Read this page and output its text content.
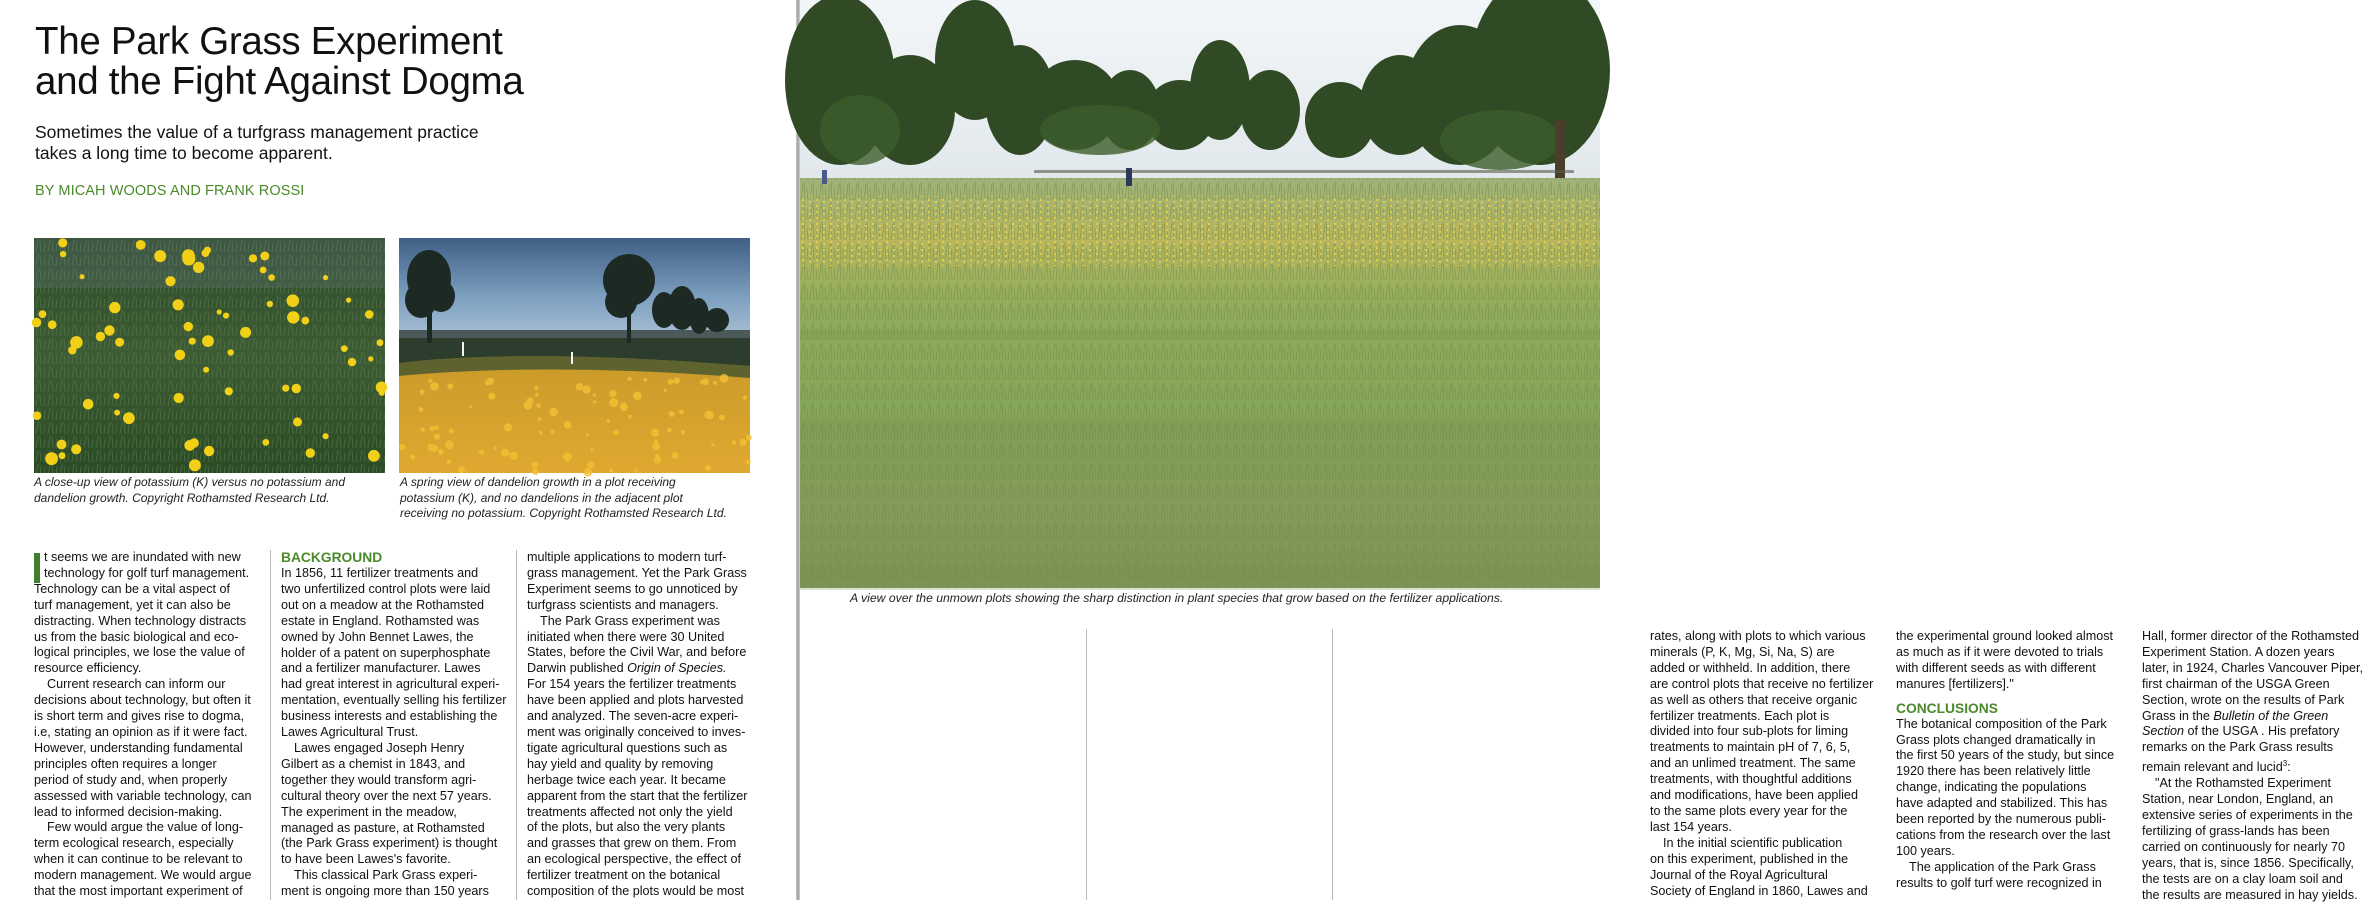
The Park Grass Experiment
and the Fight Against Dogma

Sometimes the value of a turfgrass management practice
takes a long time to become apparent.

BY MICAH WOODS AND FRANK ROSSI
A close-up view of potassium (K) versus no potassium and
dandelion growth. Copyright Rothamsted Research Ltd.
A spring view of dandelion growth in a plot receiving
potassium (K), and no dandelions in the adjacent plot
receiving no potassium. Copyright Rothamsted Research Ltd.
t seems we are inundated with new
technology for golf turf management.
Technology can be a vital aspect of
turf management, yet it can also be
distracting. When technology distracts
us from the basic biological and eco-
logical principles, we lose the value of
resource efficiency.
Current research can inform our
decisions about technology, but often it
is short term and gives rise to dogma,
i.e, stating an opinion as if it were fact.
However, understanding fundamental
principles often requires a longer
period of study and, when properly
assessed with variable technology, can
lead to informed decision-making.
Few would argue the value of long-
term ecological research, especially
when it can continue to be relevant to
modern management. We would argue
that the most important experiment of
BACKGROUND
In 1856, 11 fertilizer treatments and
two unfertilized control plots were laid
out on a meadow at the Rothamsted
estate in England. Rothamsted was
owned by John Bennet Lawes, the
holder of a patent on superphosphate
and a fertilizer manufacturer. Lawes
had great interest in agricultural experi-
mentation, eventually selling his fertilizer
business interests and establishing the
Lawes Agricultural Trust.
Lawes engaged Joseph Henry
Gilbert as a chemist in 1843, and
together they would transform agri-
cultural theory over the next 57 years.
The experiment in the meadow,
managed as pasture, at Rothamsted
(the Park Grass experiment) is thought
to have been Lawes's favorite.
This classical Park Grass experi-
ment is ongoing more than 150 years
multiple applications to modern turf-
grass management. Yet the Park Grass
Experiment seems to go unnoticed by
turfgrass scientists and managers.
The Park Grass experiment was
initiated when there were 30 United
States, before the Civil War, and before
Darwin published Origin of Species.
For 154 years the fertilizer treatments
have been applied and plots harvested
and analyzed. The seven-acre experi-
ment was originally conceived to inves-
tigate agricultural questions such as
hay yield and quality by removing
herbage twice each year. It became
apparent from the start that the fertilizer
treatments affected not only the yield
of the plots, but also the very plants
and grasses that grew on them. From
an ecological perspective, the effect of
fertilizer treatment on the botanical
composition of the plots would be most
A view over the unmown plots showing the sharp distinction in plant species that grow based on the fertilizer applications.
rates, along with plots to which various
minerals (P, K, Mg, Si, Na, S) are
added or withheld. In addition, there
are control plots that receive no fertilizer
as well as others that receive organic
fertilizer treatments. Each plot is
divided into four sub-plots for liming
treatments to maintain pH of 7, 6, 5,
and an unlimed treatment. The same
treatments, with thoughtful additions
and modifications, have been applied
to the same plots every year for the
last 154 years.
In the initial scientific publication
on this experiment, published in the
Journal of the Royal Agricultural
Society of England in 1860, Lawes and
the experimental ground looked almost
as much as if it were devoted to trials
with different seeds as with different
manures [fertilizers]."
CONCLUSIONS
The botanical composition of the Park
Grass plots changed dramatically in
the first 50 years of the study, but since
1920 there has been relatively little
change, indicating the populations
have adapted and stabilized. This has
been reported by the numerous publi-
cations from the research over the last
100 years.
The application of the Park Grass
results to golf turf were recognized in
Hall, former director of the Rothamsted
Experiment Station. A dozen years
later, in 1924, Charles Vancouver Piper,
first chairman of the USGA Green
Section, wrote on the results of Park
Grass in the Bulletin of the Green
Section of the USGA . His prefatory
remarks on the Park Grass results
remain relevant and lucid$^3$:
"At the Rothamsted Experiment
Station, near London, England, an
extensive series of experiments in the
fertilizing of grass-lands has been
carried on continuously for nearly 70
years, that is, since 1856. Specifically,
the tests are on a clay loam soil and
the results are measured in hay yields.
